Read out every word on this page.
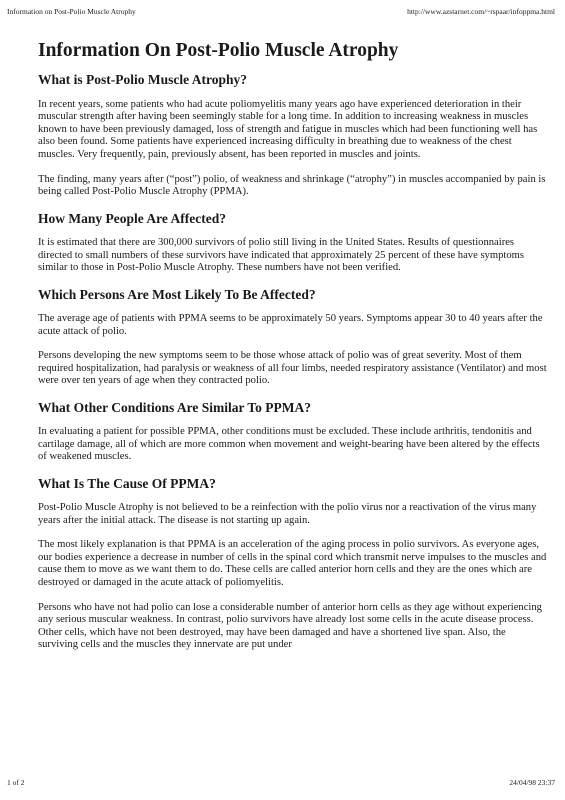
Information on Post-Polio Muscle Atrophy	http://www.azstarnet.com/~rspaar/infoppma.html
Information On Post-Polio Muscle Atrophy
What is Post-Polio Muscle Atrophy?

In recent years, some patients who had acute poliomyelitis many years ago have experienced deterioration in their muscular strength after having been seemingly stable for a long time. In addition to increasing weakness in muscles known to have been previously damaged, loss of strength and fatigue in muscles which had been functioning well has also been found. Some patients have experienced increasing difficulty in breathing due to weakness of the chest muscles. Very frequently, pain, previously absent, has been reported in muscles and joints.

The finding, many years after (“post”) polio, of weakness and shrinkage (“atrophy”) in muscles accompanied by pain is being called Post-Polio Muscle Atrophy (PPMA).

How Many People Are Affected?

It is estimated that there are 300,000 survivors of polio still living in the United States. Results of questionnaires directed to small numbers of these survivors have indicated that approximately 25 percent of these have symptoms similar to those in Post-Polio Muscle Atrophy. These numbers have not been verified.

Which Persons Are Most Likely To Be Affected?

The average age of patients with PPMA seems to be approximately 50 years. Symptoms appear 30 to 40 years after the acute attack of polio.

Persons developing the new symptoms seem to be those whose attack of polio was of great severity. Most of them required hospitalization, had paralysis or weakness of all four limbs, needed respiratory assistance (Ventilator) and most were over ten years of age when they contracted polio.

What Other Conditions Are Similar To PPMA?

In evaluating a patient for possible PPMA, other conditions must be excluded. These include arthritis, tendonitis and cartilage damage, all of which are more common when movement and weight-bearing have been altered by the effects of weakened muscles.

What Is The Cause Of PPMA?

Post-Polio Muscle Atrophy is not believed to be a reinfection with the polio virus nor a reactivation of the virus many years after the initial attack. The disease is not starting up again.

The most likely explanation is that PPMA is an acceleration of the aging process in polio survivors. As everyone ages, our bodies experience a decrease in number of cells in the spinal cord which transmit nerve impulses to the muscles and cause them to move as we want them to do. These cells are called anterior horn cells and they are the ones which are destroyed or damaged in the acute attack of poliomyelitis.

Persons who have not had polio can lose a considerable number of anterior horn cells as they age without experiencing any serious muscular weakness. In contrast, polio survivors have already lost some cells in the acute disease process. Other cells, which have not been destroyed, may have been damaged and have a shortened live span. Also, the surviving cells and the muscles they innervate are put under

1 of 2	24/04/98 23:37
